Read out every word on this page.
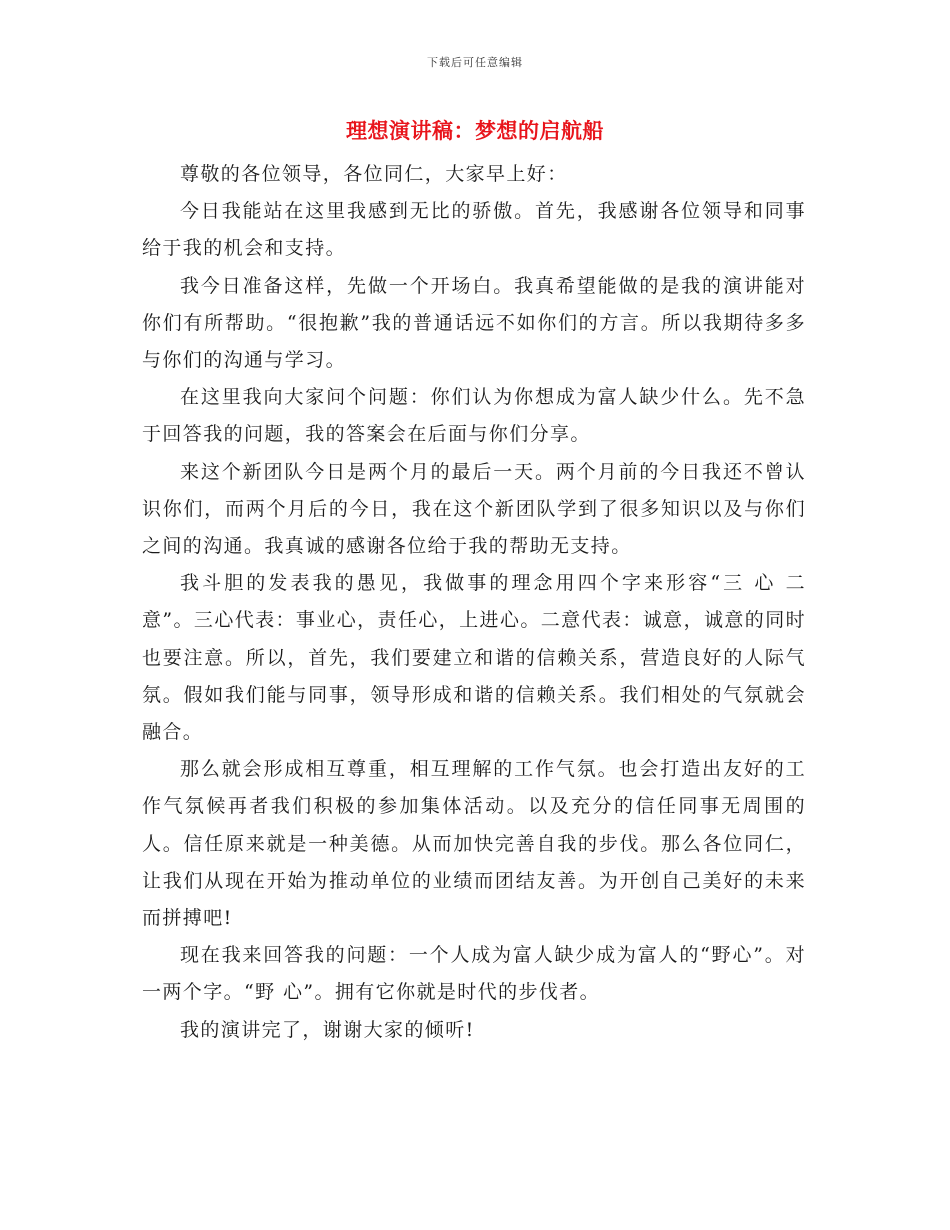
下载后可任意编辑
理想演讲稿：梦想的启航船

尊敬的各位领导，各位同仁，大家早上好：

今日我能站在这里我感到无比的骄傲。首先，我感谢各位领导和同事给于我的机会和支持。

我今日准备这样，先做一个开场白。我真希望能做的是我的演讲能对你们有所帮助。“很抱歉”我的普通话远不如你们的方言。所以我期待多多与你们的沟通与学习。

在这里我向大家问个问题：你们认为你想成为富人缺少什么。先不急于回答我的问题，我的答案会在后面与你们分享。

来这个新团队今日是两个月的最后一天。两个月前的今日我还不曾认识你们，而两个月后的今日，我在这个新团队学到了很多知识以及与你们之间的沟通。我真诚的感谢各位给于我的帮助无支持。

我斗胆的发表我的愚见，我做事的理念用四个字来形容“三 心 二 意”。三心代表：事业心，责任心，上进心。二意代表：诚意，诚意的同时也要注意。所以，首先，我们要建立和谐的信赖关系，营造良好的人际气氛。假如我们能与同事，领导形成和谐的信赖关系。我们相处的气氛就会融合。

那么就会形成相互尊重，相互理解的工作气氛。也会打造出友好的工作气氛候再者我们积极的参加集体活动。以及充分的信任同事无周围的人。信任原来就是一种美德。从而加快完善自我的步伐。那么各位同仁，让我们从现在开始为推动单位的业绩而团结友善。为开创自己美好的未来而拼搏吧!

现在我来回答我的问题：一个人成为富人缺少成为富人的“野心”。对一两个字。“野 心”。拥有它你就是时代的步伐者。

我的演讲完了，谢谢大家的倾听!
